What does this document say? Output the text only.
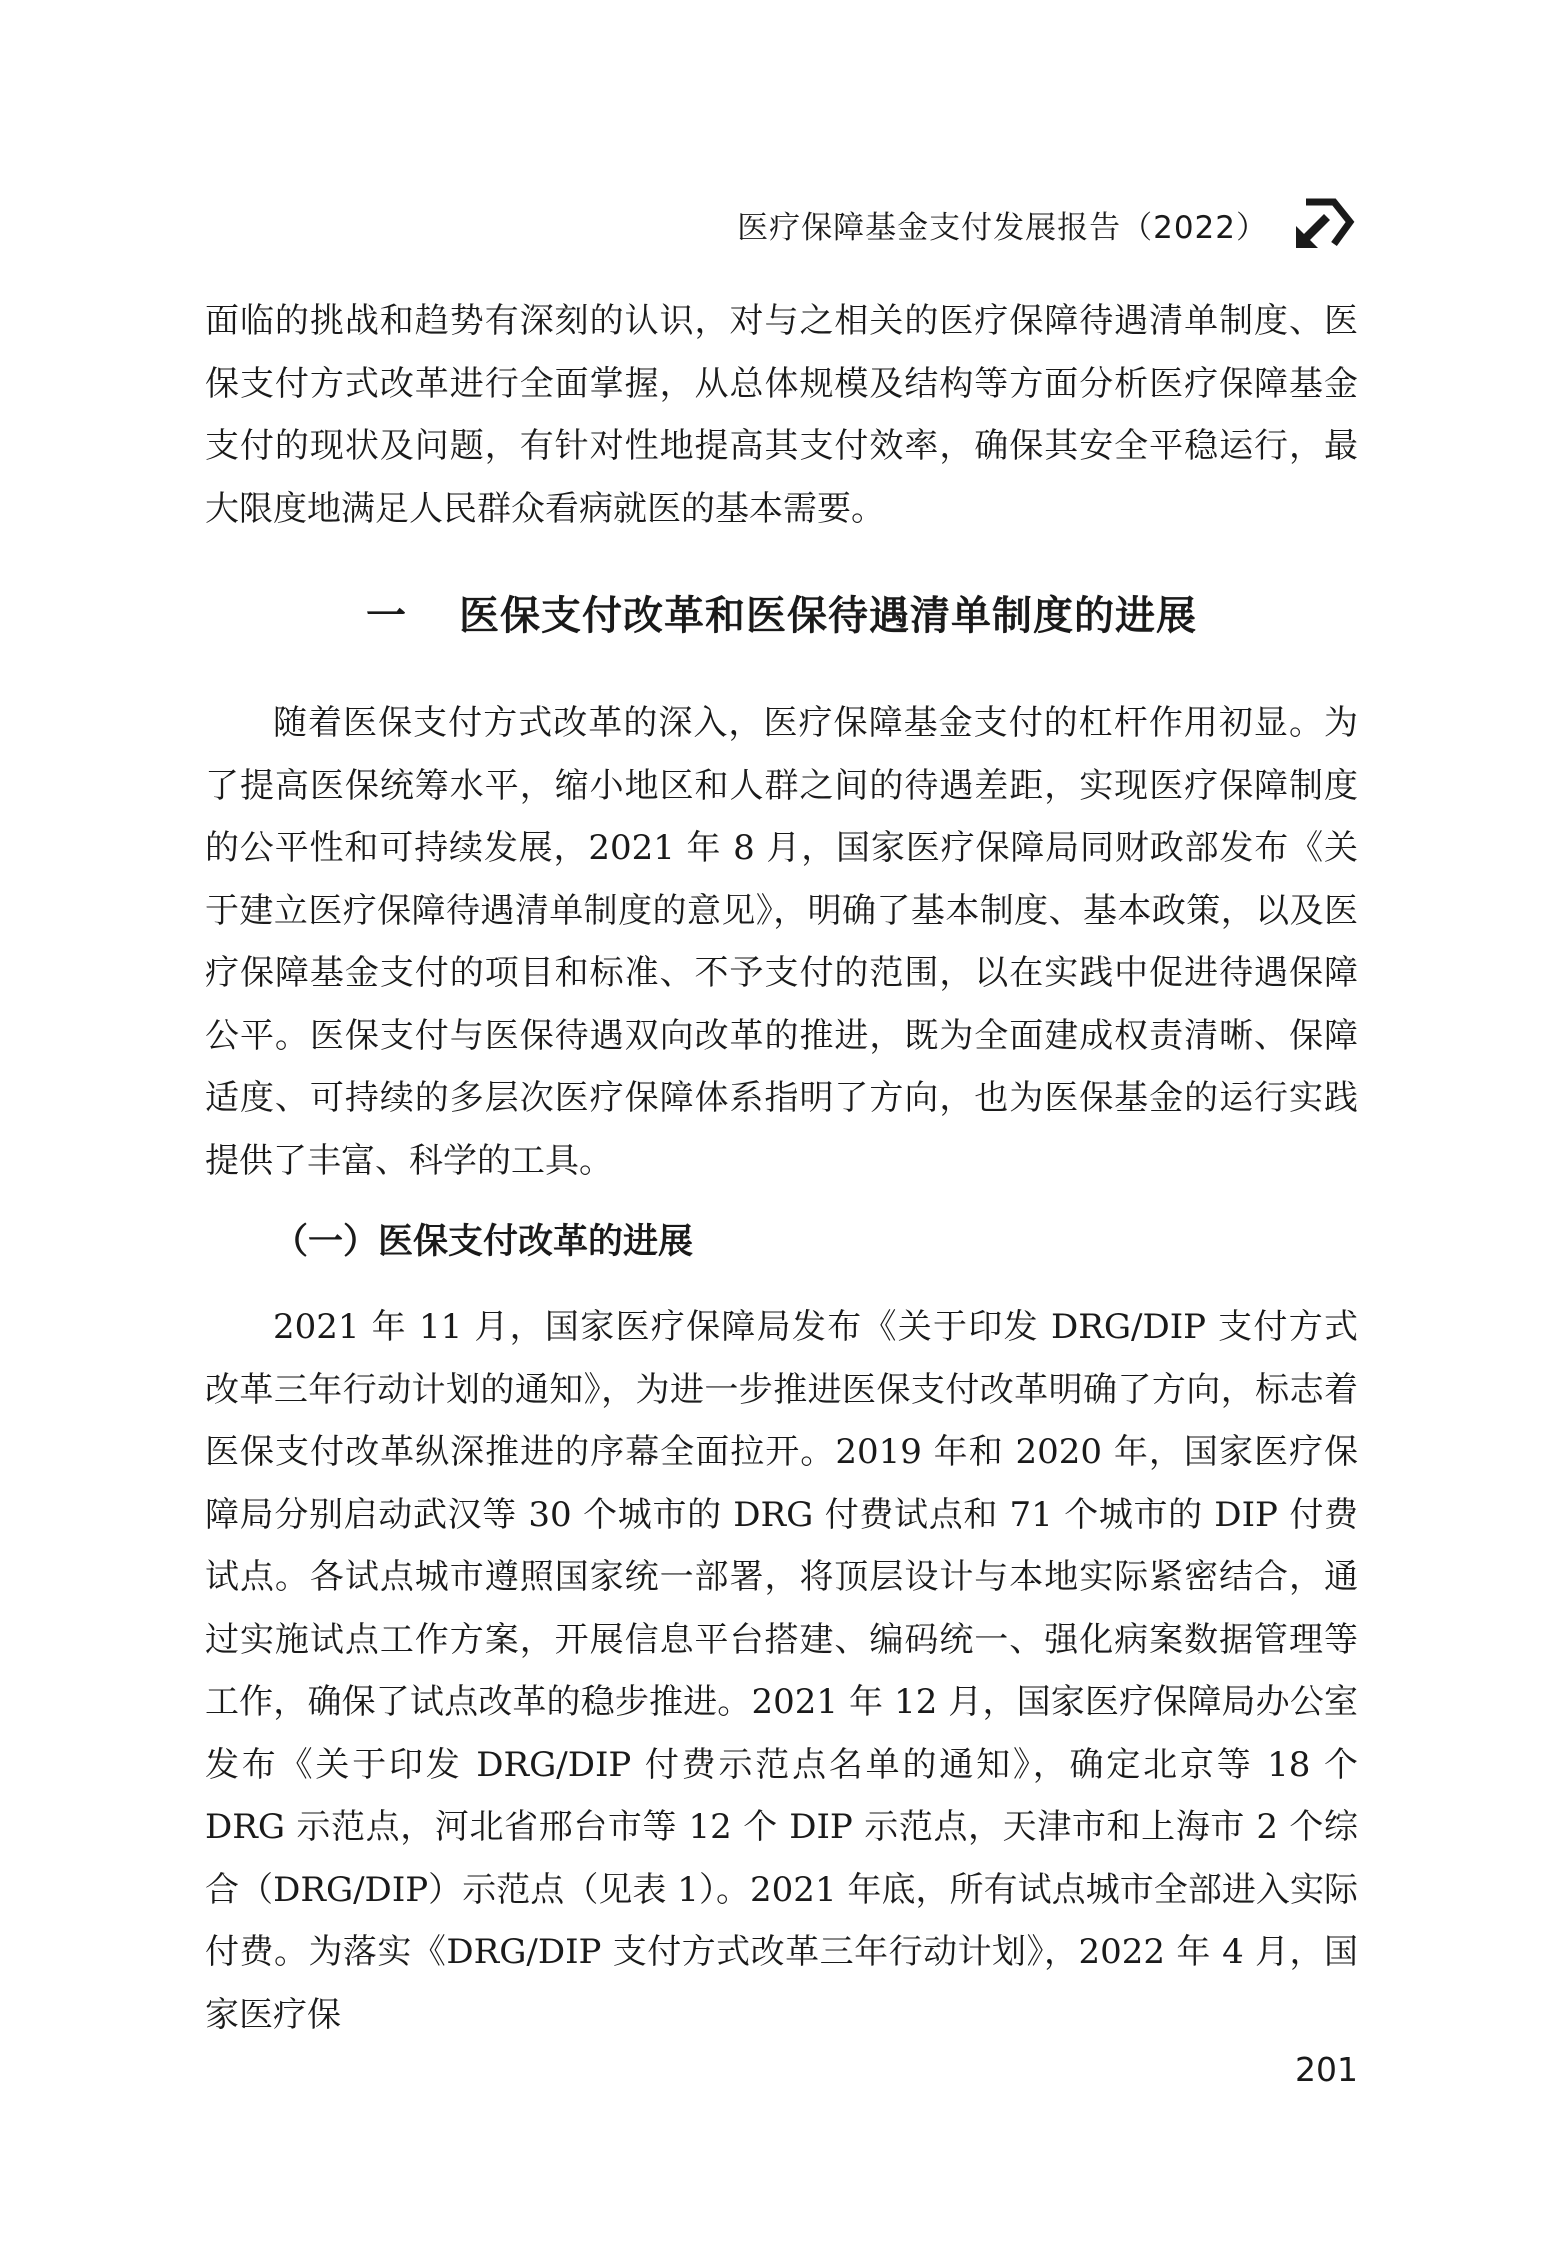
医疗保障基金支付发展报告（2022）

面临的挑战和趋势有深刻的认识，对与之相关的医疗保障待遇清单制度、医保支付方式改革进行全面掌握，从总体规模及结构等方面分析医疗保障基金支付的现状及问题，有针对性地提高其支付效率，确保其安全平稳运行，最大限度地满足人民群众看病就医的基本需要。

一 医保支付改革和医保待遇清单制度的进展

随着医保支付方式改革的深入，医疗保障基金支付的杠杆作用初显。为了提高医保统筹水平，缩小地区和人群之间的待遇差距，实现医疗保障制度的公平性和可持续发展，2021 年 8 月，国家医疗保障局同财政部发布《关于建立医疗保障待遇清单制度的意见》，明确了基本制度、基本政策，以及医疗保障基金支付的项目和标准、不予支付的范围，以在实践中促进待遇保障公平。医保支付与医保待遇双向改革的推进，既为全面建成权责清晰、保障适度、可持续的多层次医疗保障体系指明了方向，也为医保基金的运行实践提供了丰富、科学的工具。

（一）医保支付改革的进展

2021 年 11 月，国家医疗保障局发布《关于印发 DRG/DIP 支付方式改革三年行动计划的通知》，为进一步推进医保支付改革明确了方向，标志着医保支付改革纵深推进的序幕全面拉开。2019 年和 2020 年，国家医疗保障局分别启动武汉等 30 个城市的 DRG 付费试点和 71 个城市的 DIP 付费试点。各试点城市遵照国家统一部署，将顶层设计与本地实际紧密结合，通过实施试点工作方案，开展信息平台搭建、编码统一、强化病案数据管理等工作，确保了试点改革的稳步推进。2021 年 12 月，国家医疗保障局办公室发布《关于印发 DRG/DIP 付费示范点名单的通知》，确定北京等 18 个 DRG 示范点，河北省邢台市等 12 个 DIP 示范点，天津市和上海市 2 个综合（DRG/DIP）示范点（见表 1）。2021 年底，所有试点城市全部进入实际付费。为落实《DRG/DIP 支付方式改革三年行动计划》，2022 年 4 月，国家医疗保

201
